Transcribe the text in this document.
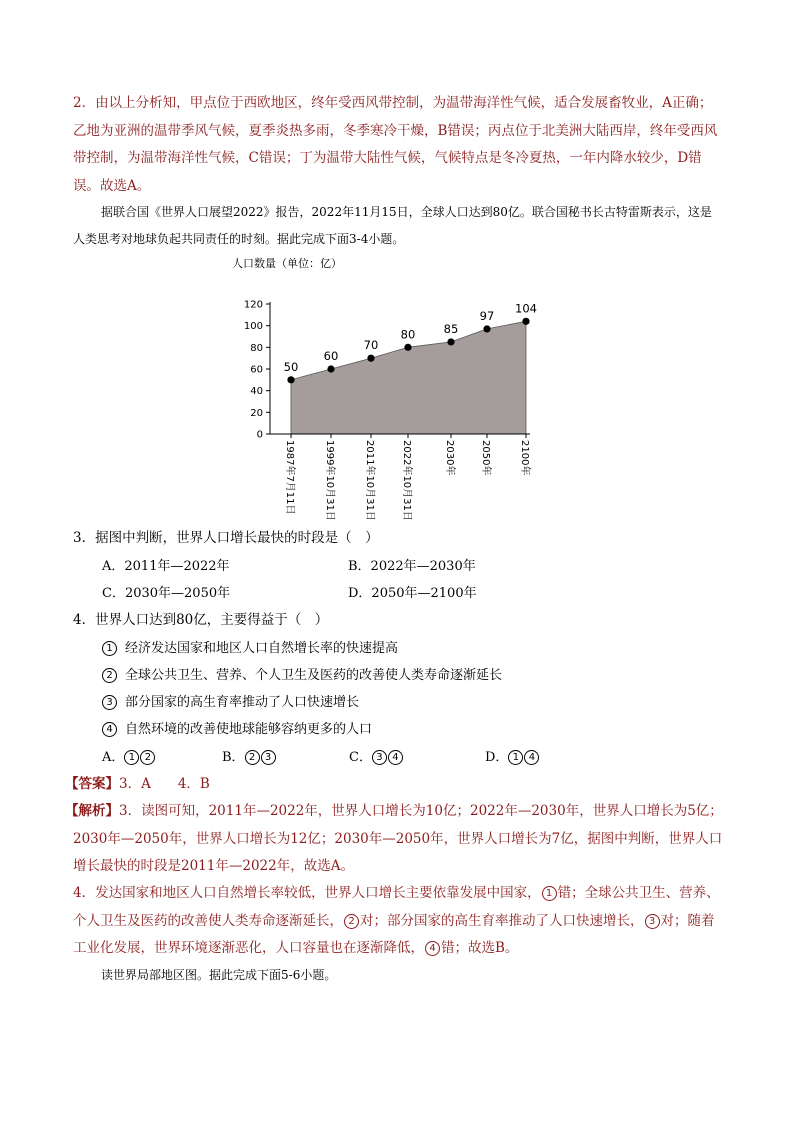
2．由以上分析知，甲点位于西欧地区，终年受西风带控制，为温带海洋性气候，适合发展畜牧业，A正确；乙地为亚洲的温带季风气候，夏季炎热多雨，冬季寒冷干燥，B错误；丙点位于北美洲大陆西岸，终年受西风带控制，为温带海洋性气候，C错误；丁为温带大陆性气候，气候特点是冬冷夏热，一年内降水较少，D错误。故选A。
据联合国《世界人口展望2022》报告，2022年11月15日，全球人口达到80亿。联合国秘书长古特雷斯表示，这是人类思考对地球负起共同责任的时刻。据此完成下面3-4小题。
人口数量（单位：亿）
0
20
40
60
80
100
120
1987年7月11日	1999年10月31日	2011年10月31日	2022年10月31日	2030年	2050年	2100年
50
60
70
80 85
97
104
3．据图中判断，世界人口增长最快的时段是（　）
A．2011年—2022年	B．2022年—2030年
C．2030年—2050年	D．2050年—2100年
4．世界人口达到80亿，主要得益于（　）
1 经济发达国家和地区人口自然增长率的快速提高
2 全球公共卫生、营养、个人卫生及医药的改善使人类寿命逐渐延长
3 部分国家的高生育率推动了人口快速增长
4 自然环境的改善使地球能够容纳更多的人口
A． 1 2	B． 2 3	C． 3 4	D． 1 4
【答案】3．A　　4．B
【解析】3．读图可知，2011年—2022年，世界人口增长为10亿；2022年—2030年，世界人口增长为5亿；2030年—2050年，世界人口增长为12亿；2030年—2050年，世界人口增长为7亿，据图中判断，世界人口增长最快的时段是2011年—2022年，故选A。
4．发达国家和地区人口自然增长率较低，世界人口增长主要依靠发展中国家， 1 错；全球公共卫生、营养、个人卫生及医药的改善使人类寿命逐渐延长， 2 对；部分国家的高生育率推动了人口快速增长， 3 对；随着工业化发展，世界环境逐渐恶化，人口容量也在逐渐降低， 4 错；故选B。
读世界局部地区图。据此完成下面5-6小题。
